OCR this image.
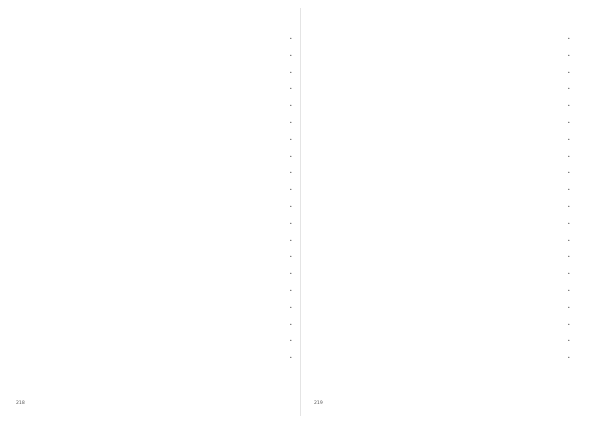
•

•

•

•

•

•

•

•

•

•

•

•

•

•

•

•

•

•

•

•

218

•

•

•

•

•

•

•

•

•

•

•

•

•

•

•

•

•

•

•

•	219
